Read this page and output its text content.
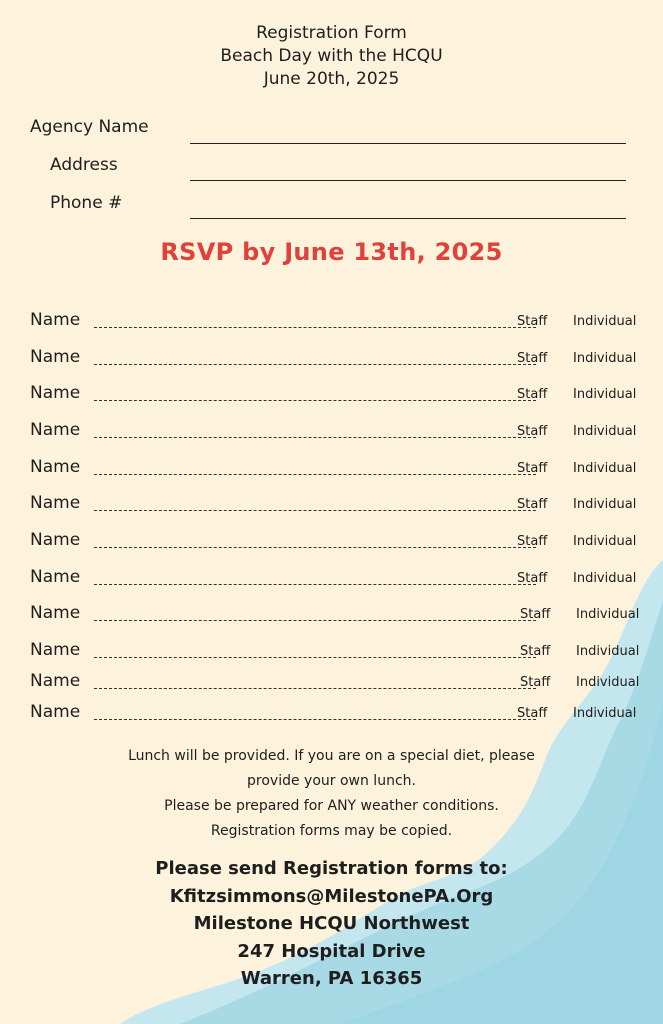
Registration Form
Beach Day with the HCQU
June 20th, 2025
Agency Name
Address
Phone #
RSVP by June 13th, 2025
Name	Staff Individual
Name	Staff Individual
Name	Staff Individual
Name	Staff Individual
Name	Staff Individual
Name	Staff Individual
Name	Staff Individual
Name	Staff Individual
Name	Staff Individual
Name	Staff Individual
Name	Staff Individual
Name	Staff Individual
Lunch will be provided. If you are on a special diet, please
provide your own lunch.
Please be prepared for ANY weather conditions.
Registration forms may be copied.
Please send Registration forms to:
Kfitzsimmons@MilestonePA.Org
Milestone HCQU Northwest
247 Hospital Drive
Warren, PA 16365
